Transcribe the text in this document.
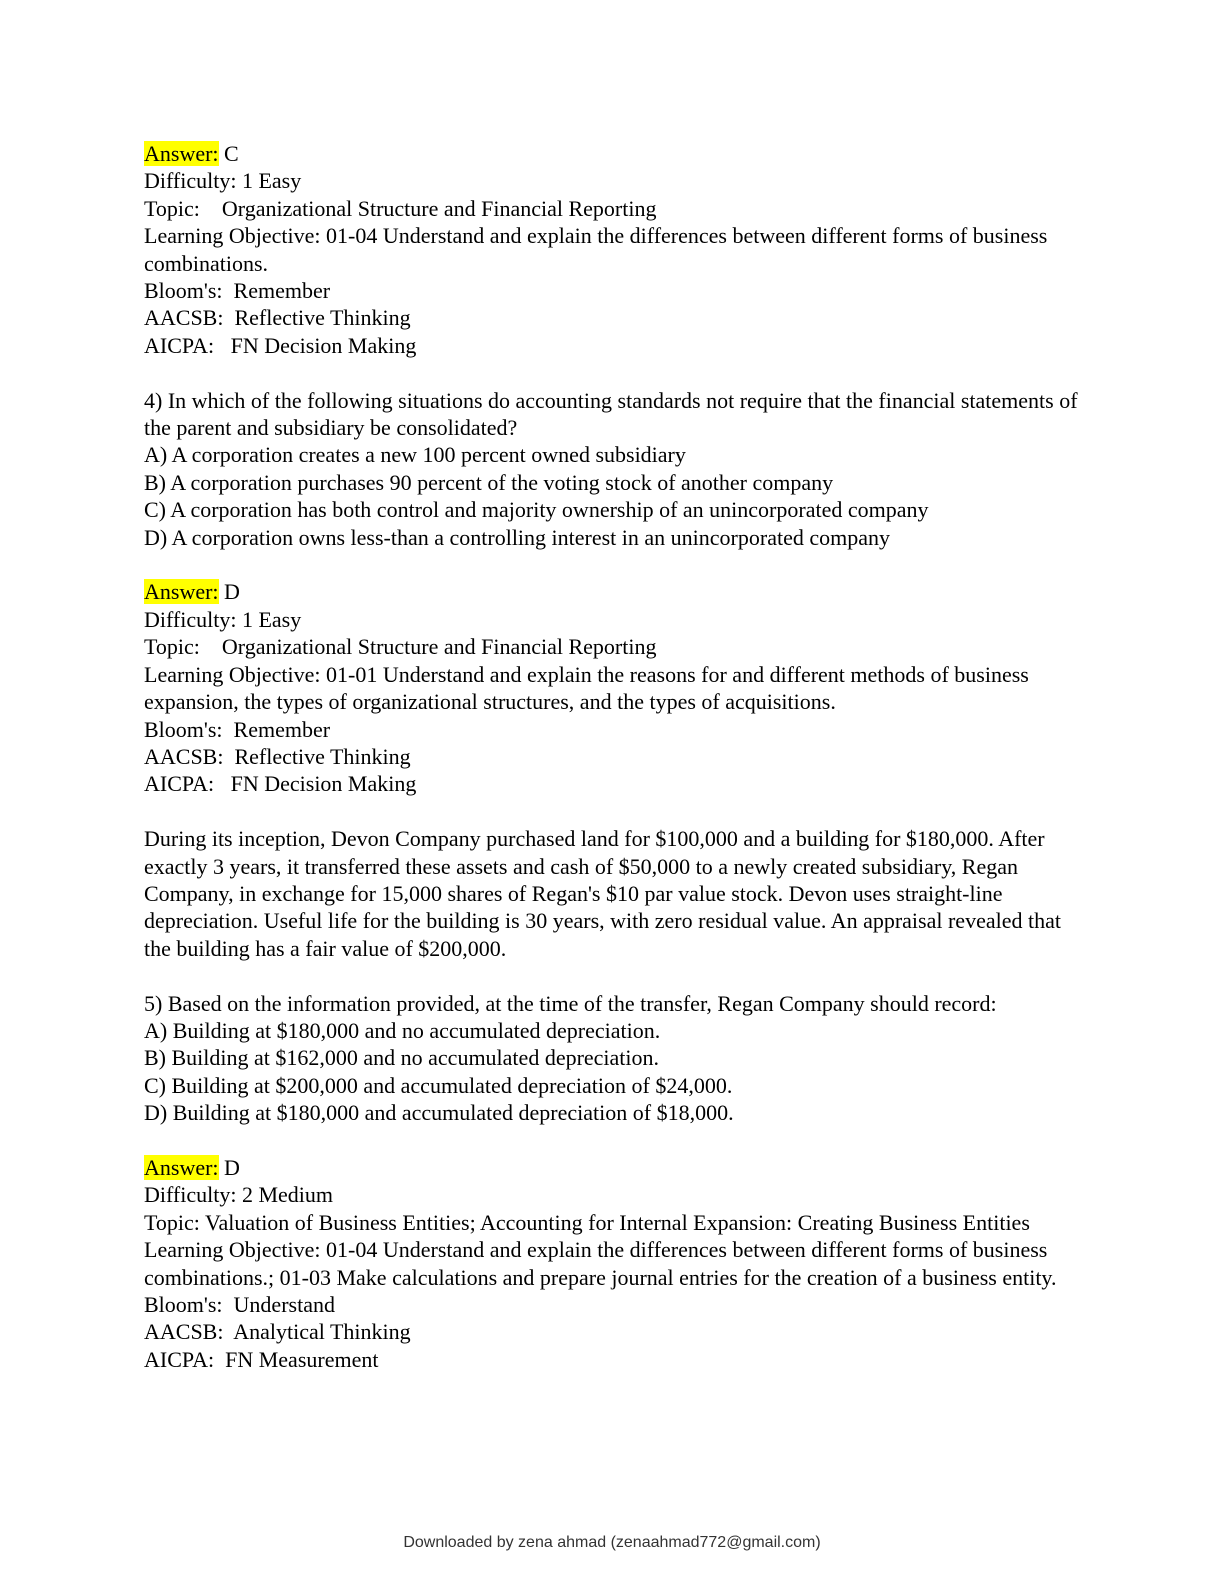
Answer: C
Difficulty: 1 Easy
Topic:    Organizational Structure and Financial Reporting
Learning Objective: 01-04 Understand and explain the differences between different forms of business combinations.
Bloom's:  Remember
AACSB:  Reflective Thinking
AICPA:   FN Decision Making
4) In which of the following situations do accounting standards not require that the financial statements of the parent and subsidiary be consolidated?
A) A corporation creates a new 100 percent owned subsidiary
B) A corporation purchases 90 percent of the voting stock of another company
C) A corporation has both control and majority ownership of an unincorporated company
D) A corporation owns less-than a controlling interest in an unincorporated company
Answer: D
Difficulty: 1 Easy
Topic:    Organizational Structure and Financial Reporting
Learning Objective: 01-01 Understand and explain the reasons for and different methods of business expansion, the types of organizational structures, and the types of acquisitions.
Bloom's:  Remember
AACSB:  Reflective Thinking
AICPA:   FN Decision Making
During its inception, Devon Company purchased land for $100,000 and a building for $180,000. After exactly 3 years, it transferred these assets and cash of $50,000 to a newly created subsidiary, Regan Company, in exchange for 15,000 shares of Regan's $10 par value stock. Devon uses straight-line depreciation. Useful life for the building is 30 years, with zero residual value. An appraisal revealed that the building has a fair value of $200,000.
5) Based on the information provided, at the time of the transfer, Regan Company should record:
A) Building at $180,000 and no accumulated depreciation.
B) Building at $162,000 and no accumulated depreciation.
C) Building at $200,000 and accumulated depreciation of $24,000.
D) Building at $180,000 and accumulated depreciation of $18,000.
Answer: D
Difficulty: 2 Medium
Topic: Valuation of Business Entities; Accounting for Internal Expansion: Creating Business Entities
Learning Objective: 01-04 Understand and explain the differences between different forms of business combinations.; 01-03 Make calculations and prepare journal entries for the creation of a business entity.
Bloom's:  Understand
AACSB:  Analytical Thinking
AICPA:  FN Measurement
Downloaded by zena ahmad (zenaahmad772@gmail.com)
